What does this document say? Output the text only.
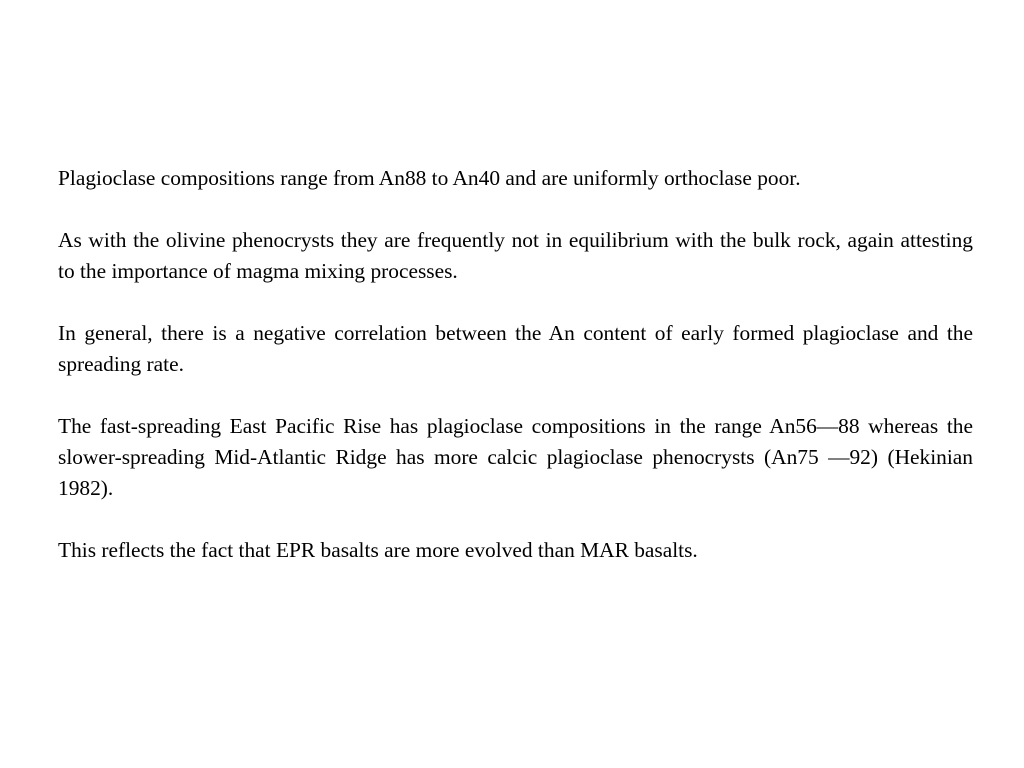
Plagioclase compositions range from An88 to An40 and are uniformly orthoclase poor.

As with the olivine phenocrysts they are frequently not in equilibrium with the bulk rock, again attesting to the importance of magma mixing processes.

In general, there is a negative correlation between the An content of early formed plagioclase and the spreading rate.

The fast-spreading East Pacific Rise has plagioclase compositions in the range An56—88 whereas the slower-spreading Mid-Atlantic Ridge has more calcic plagioclase phenocrysts (An75 —92) (Hekinian 1982).

This reflects the fact that EPR basalts are more evolved than MAR basalts.
